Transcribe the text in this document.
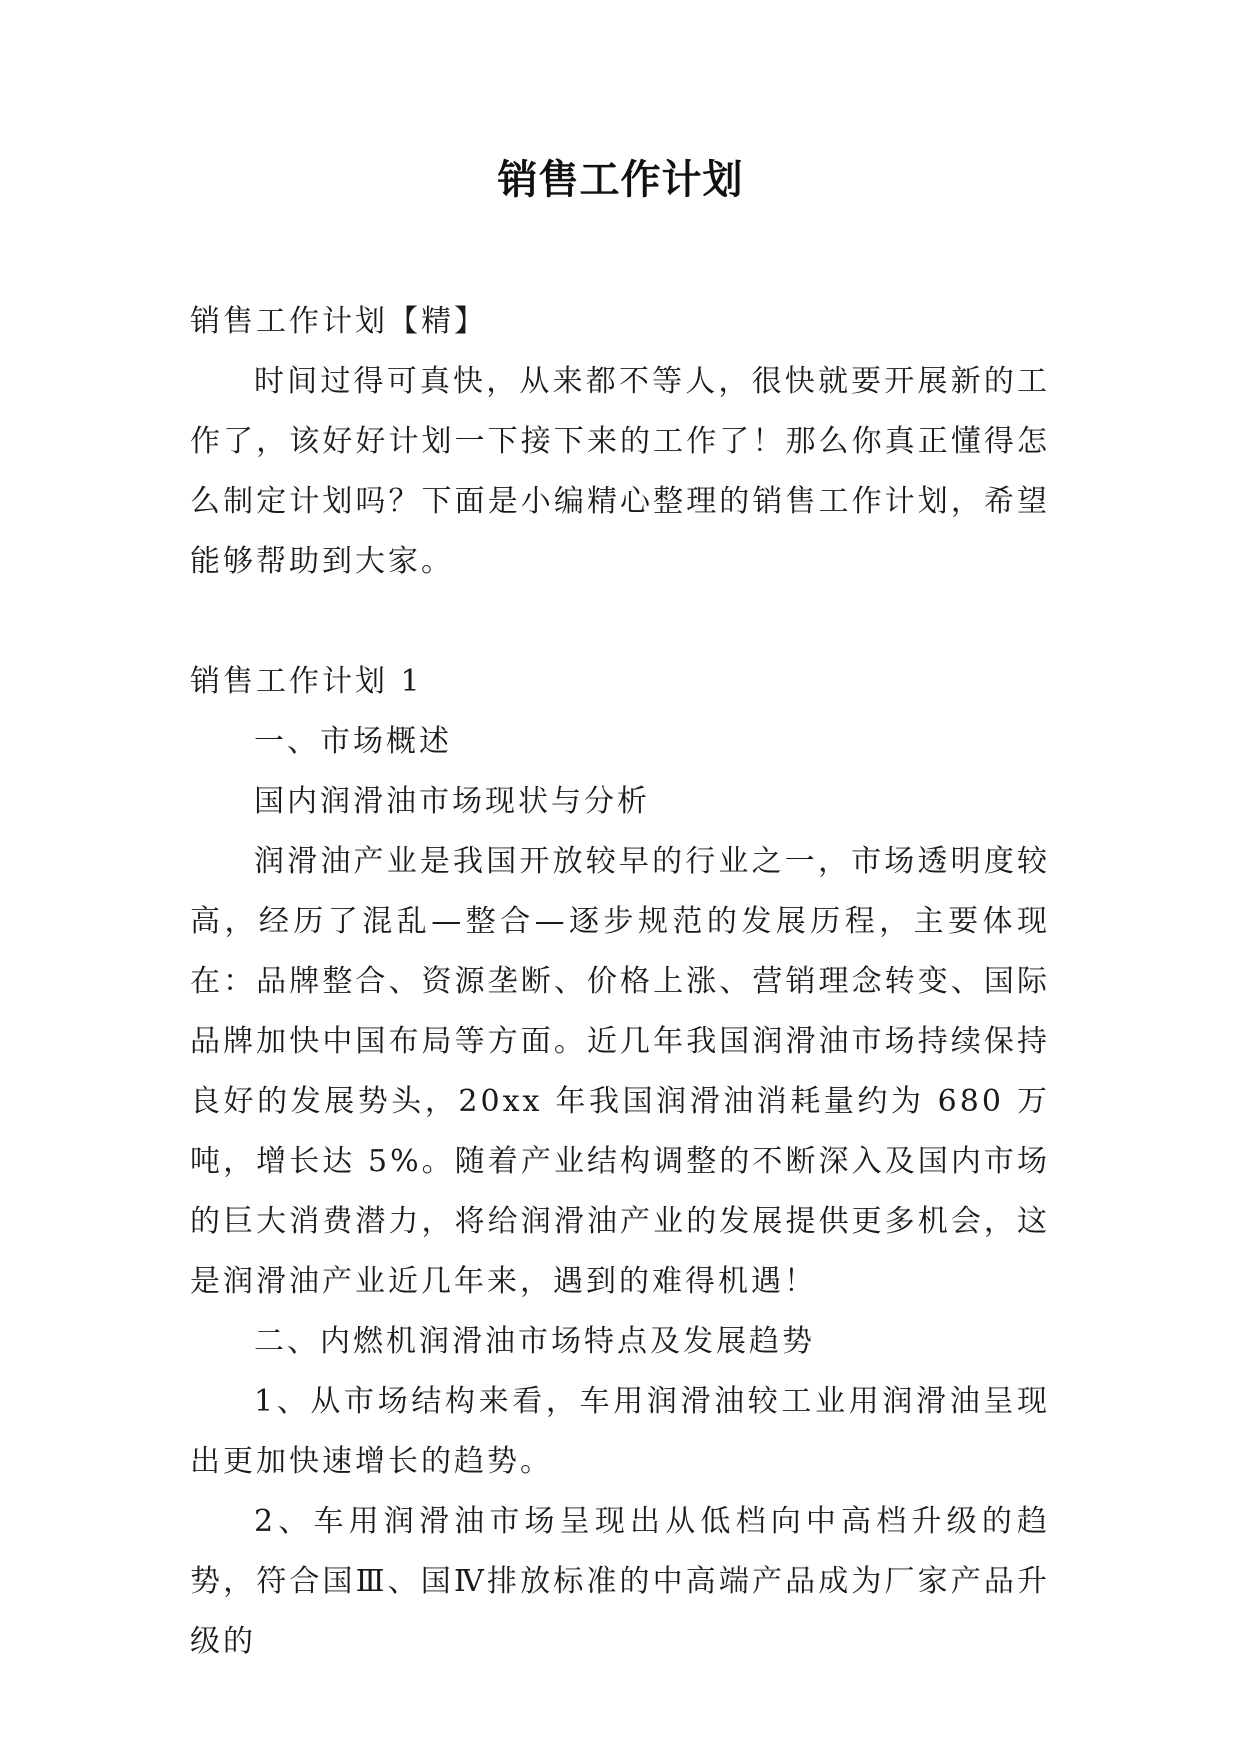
销售工作计划

销售工作计划【精】

时间过得可真快，从来都不等人，很快就要开展新的工作了，该好好计划一下接下来的工作了！那么你真正懂得怎么制定计划吗？下面是小编精心整理的销售工作计划，希望能够帮助到大家。

销售工作计划 1

一、市场概述

国内润滑油市场现状与分析

润滑油产业是我国开放较早的行业之一，市场透明度较高，经历了混乱—整合—逐步规范的发展历程，主要体现在：品牌整合、资源垄断、价格上涨、营销理念转变、国际品牌加快中国布局等方面。近几年我国润滑油市场持续保持良好的发展势头，20xx 年我国润滑油消耗量约为 680 万吨，增长达 5%。随着产业结构调整的不断深入及国内市场的巨大消费潜力，将给润滑油产业的发展提供更多机会，这是润滑油产业近几年来，遇到的难得机遇！

二、内燃机润滑油市场特点及发展趋势

1、从市场结构来看，车用润滑油较工业用润滑油呈现出更加快速增长的趋势。

2、车用润滑油市场呈现出从低档向中高档升级的趋势，符合国Ⅲ、国Ⅳ排放标准的中高端产品成为厂家产品升级的
